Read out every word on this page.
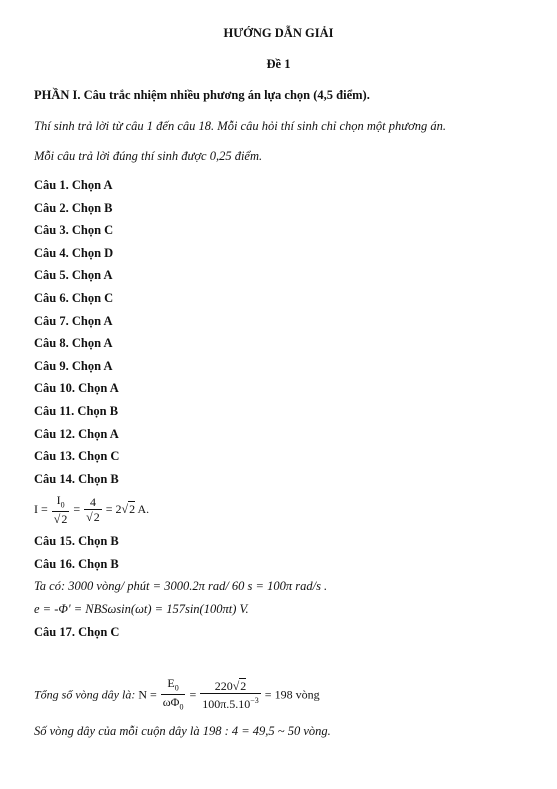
HƯỚNG DẪN GIẢI
Đề 1
PHẦN I. Câu trắc nhiệm nhiều phương án lựa chọn (4,5 điểm).
Thí sinh trả lời từ câu 1 đến câu 18. Mỗi câu hỏi thí sinh chỉ chọn một phương án.
Mỗi câu trả lời đúng thí sinh được 0,25 điểm.
Câu 1. Chọn A
Câu 2. Chọn B
Câu 3. Chọn C
Câu 4. Chọn D
Câu 5. Chọn A
Câu 6. Chọn C
Câu 7. Chọn A
Câu 8. Chọn A
Câu 9. Chọn A
Câu 10. Chọn A
Câu 11. Chọn B
Câu 12. Chọn A
Câu 13. Chọn C
Câu 14. Chọn B
$I = \frac{I_0}{√2} = \frac{4}{√2} = 2√2$ A.
Câu 15. Chọn B
Câu 16. Chọn B
Ta có: 3000 vòng/ phút = 3000.2π rad/ 60 s = 100π rad/s .
e = -Φ' = NBSωsin(ωt) = 157sin(100πt) V.
Câu 17. Chọn C
Tổng số vòng dây là: $N = \frac{E_0}{\omega\Phi_0} = \frac{220√2}{100\pi.5.10^{-3}} = 198$ vòng
Số vòng dây của mỗi cuộn dây là 198 : 4 = 49,5 ~ 50 vòng.
